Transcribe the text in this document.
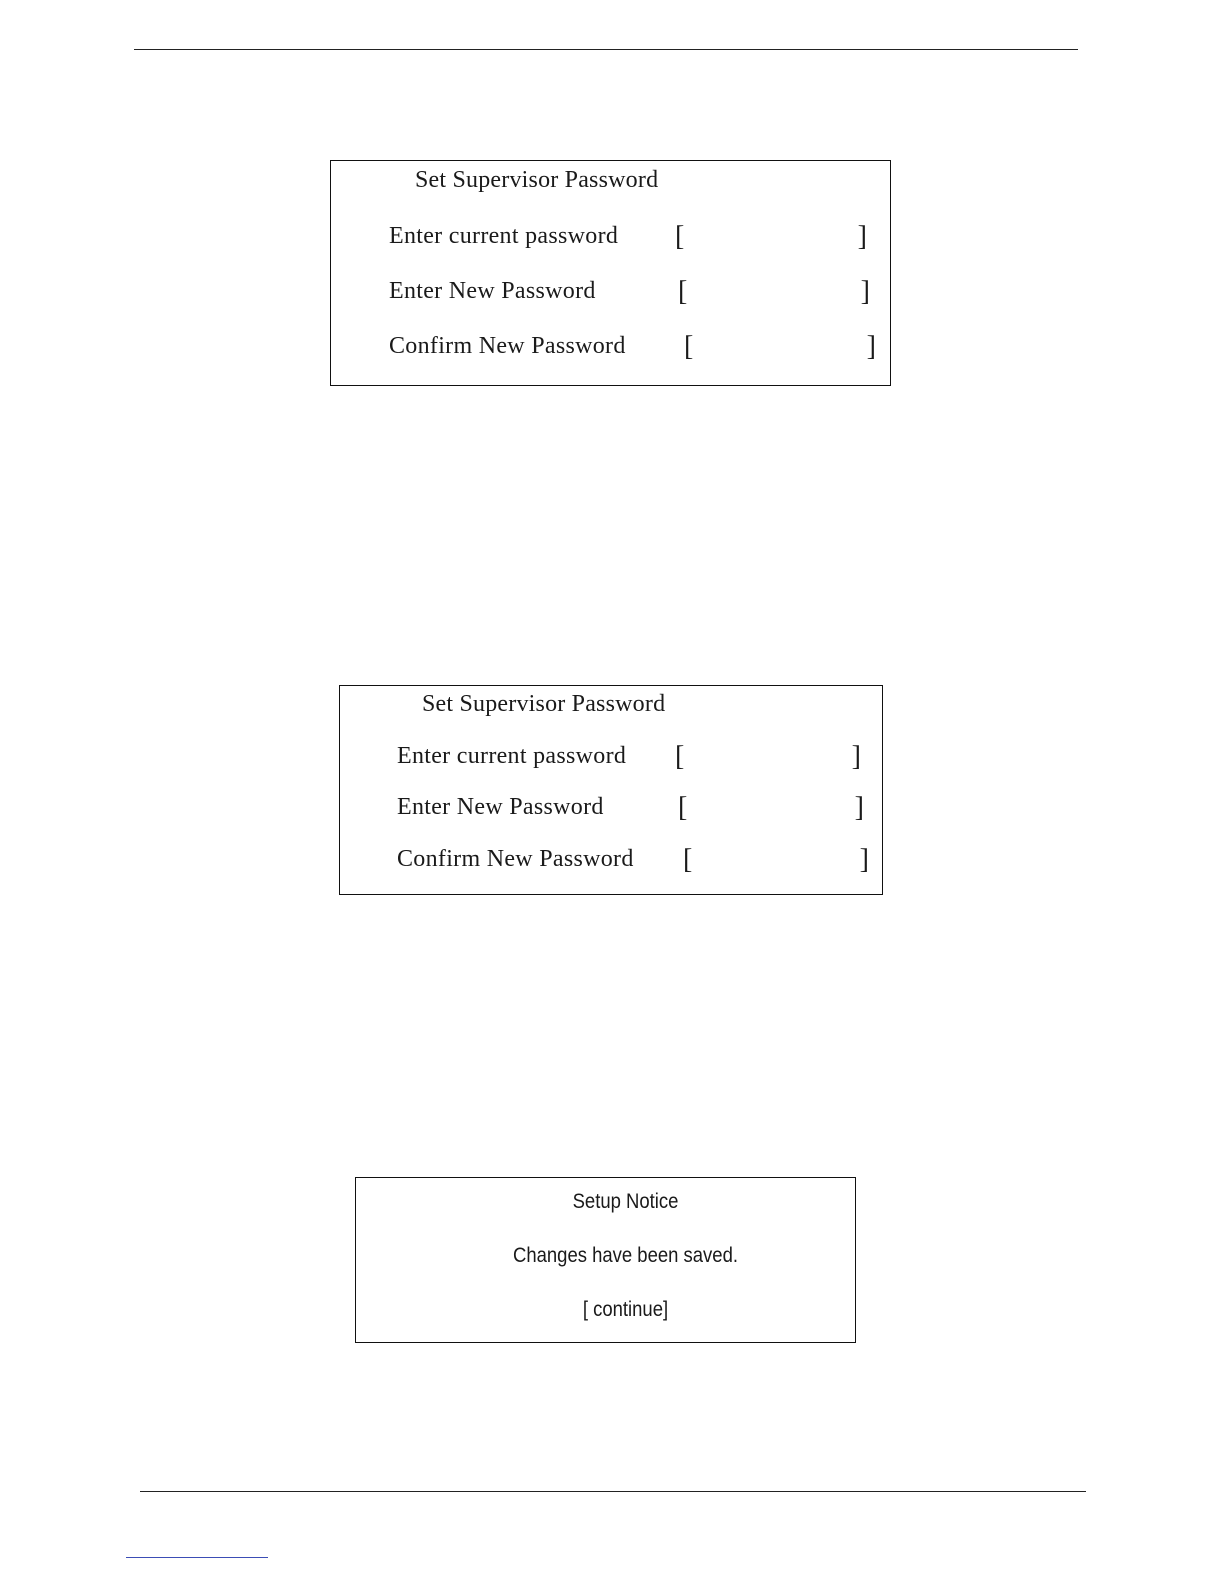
Set Supervisor Password
Enter current password [	]
Enter New Password	[	]
Confirm New Password [	]
Set Supervisor Password
Enter current password [	]
Enter New Password	[	]
Confirm New Password [	]
Setup Notice
Changes have been saved.
[ continue]
